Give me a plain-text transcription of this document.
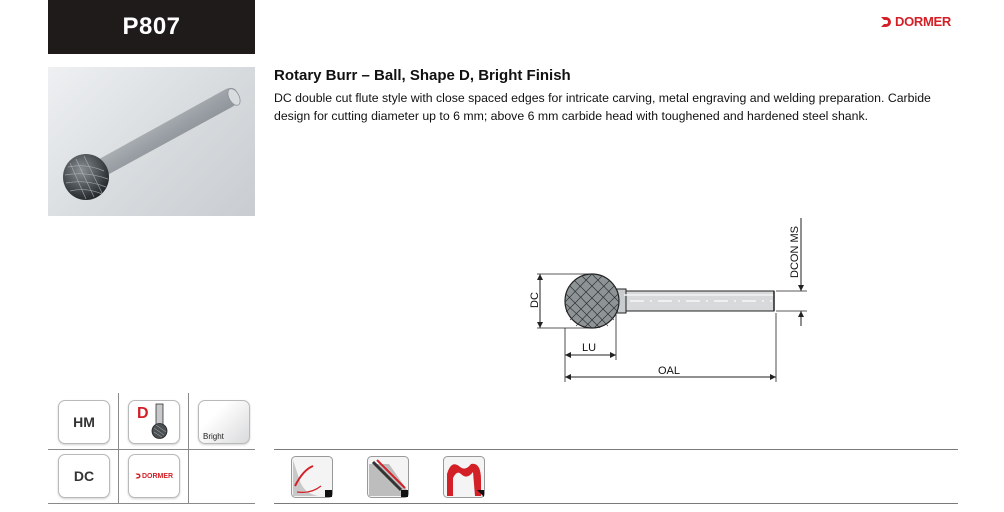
P807	DORMER
Rotary Burr – Ball, Shape D, Bright Finish
DC double cut flute style with close spaced edges for intricate carving, metal engraving and welding preparation. Carbide design for cutting diameter up to 6 mm; above 6 mm carbide head with toughened and hardened steel shank.
DC
DCON MS
LU
OAL
HM	D
Bright
DC	DORMER
